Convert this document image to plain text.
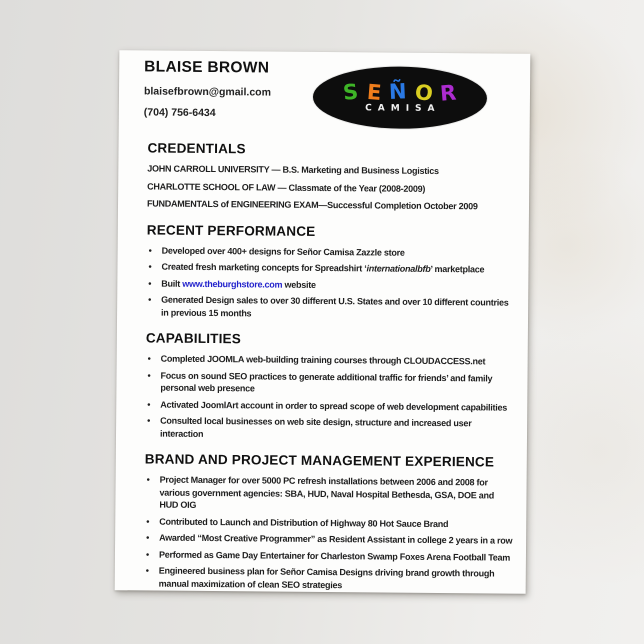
BLAISE BROWN
blaisefbrown@gmail.com
(704) 756-6434
S E Ñ O R
CAMISA
CREDENTIALS
JOHN CARROLL UNIVERSITY — B.S. Marketing and Business Logistics
CHARLOTTE SCHOOL OF LAW — Classmate of the Year (2008-2009)
FUNDAMENTALS of ENGINEERING EXAM—Successful Completion October 2009
RECENT PERFORMANCE
• Developed over 400+ designs for Señor Camisa Zazzle store
• Created fresh marketing concepts for Spreadshirt ‘internationalbfb’ marketplace
• Built www.theburghstore.com website
• Generated Design sales to over 30 different U.S. States and over 10 different countries in previous 15 months
CAPABILITIES
• Completed JOOMLA web-building training courses through CLOUDACCESS.net
• Focus on sound SEO practices to generate additional traffic for friends’ and family personal web presence
• Activated JoomlArt account in order to spread scope of web development capabilities
• Consulted local businesses on web site design, structure and increased user interaction
BRAND AND PROJECT MANAGEMENT EXPERIENCE
• Project Manager for over 5000 PC refresh installations between 2006 and 2008 for various government agencies: SBA, HUD, Naval Hospital Bethesda, GSA, DOE and HUD OIG
• Contributed to Launch and Distribution of Highway 80 Hot Sauce Brand
• Awarded “Most Creative Programmer” as Resident Assistant in college 2 years in a row
• Performed as Game Day Entertainer for Charleston Swamp Foxes Arena Football Team
• Engineered business plan for Señor Camisa Designs driving brand growth through manual maximization of clean SEO strategies
